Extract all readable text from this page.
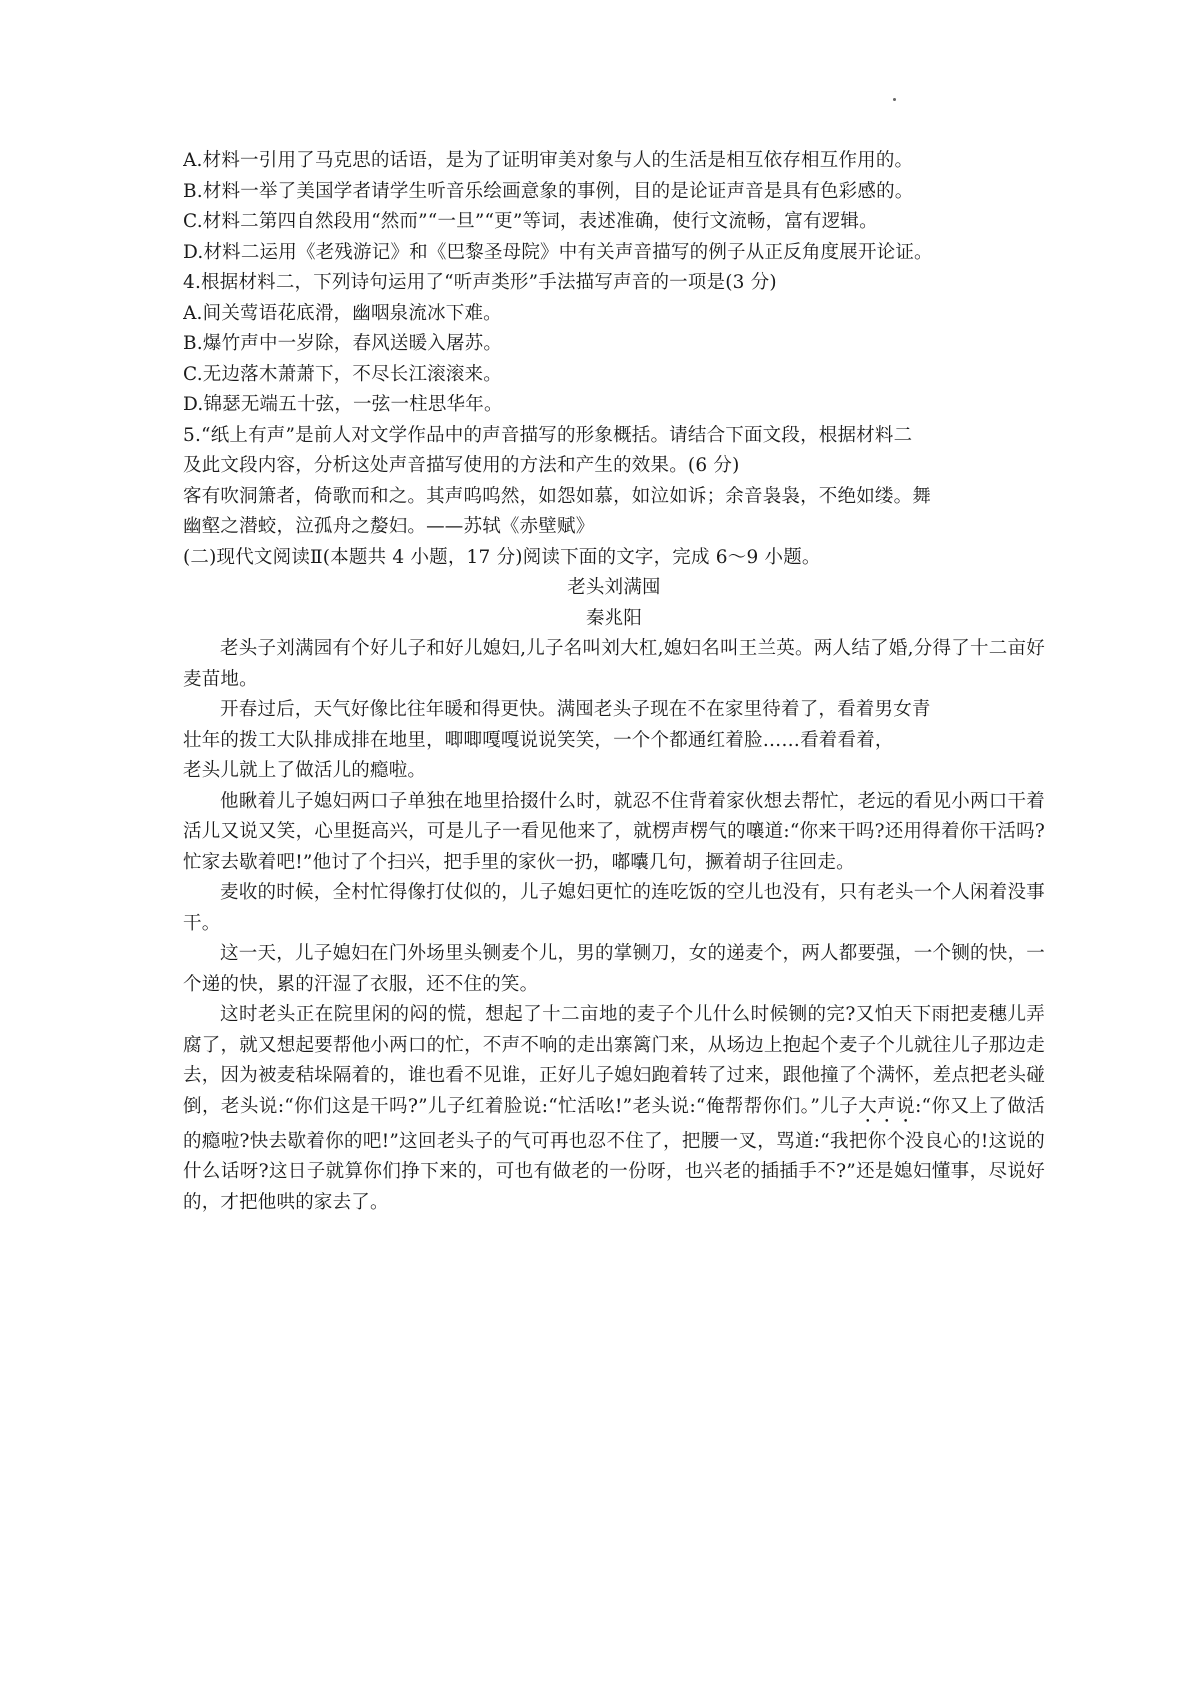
A.材料一引用了马克思的话语，是为了证明审美对象与人的生活是相互依存相互作用的。
B.材料一举了美国学者请学生听音乐绘画意象的事例，目的是论证声音是具有色彩感的。
C.材料二第四自然段用“然而”“一旦”“更”等词，表述准确，使行文流畅，富有逻辑。
D.材料二运用《老残游记》和《巴黎圣母院》中有关声音描写的例子从正反角度展开论证。
4.根据材料二，下列诗句运用了“听声类形”手法描写声音的一项是(3 分)
A.间关莺语花底滑，幽咽泉流冰下难。
B.爆竹声中一岁除，春风送暖入屠苏。
C.无边落木萧萧下，不尽长江滚滚来。
D.锦瑟无端五十弦，一弦一柱思华年。
5.“纸上有声”是前人对文学作品中的声音描写的形象概括。请结合下面文段，根据材料二
及此文段内容，分析这处声音描写使用的方法和产生的效果。(6 分)
客有吹洞箫者，倚歌而和之。其声呜呜然，如怨如慕，如泣如诉；余音袅袅，不绝如缕。舞
幽壑之潜蛟，泣孤舟之嫠妇。——苏轼《赤壁赋》
(二)现代文阅读Ⅱ(本题共 4 小题，17 分)阅读下面的文字，完成 6～9 小题。
老头刘满囤
秦兆阳
老头子刘满园有个好儿子和好儿媳妇,儿子名叫刘大杠,媳妇名叫王兰英。两人结了婚,分得了十二亩好麦苗地。
开春过后，天气好像比往年暖和得更快。满囤老头子现在不在家里待着了，看着男女青
壮年的拨工大队排成排在地里，唧唧嘎嘎说说笑笑，一个个都通红着脸……看着看着，
老头儿就上了做活儿的瘾啦。
他瞅着儿子媳妇两口子单独在地里拾掇什么时，就忍不住背着家伙想去帮忙，老远的看见小两口干着活儿又说又笑，心里挺高兴，可是儿子一看见他来了，就楞声楞气的嚷道:“你来干吗?还用得着你干活吗?忙家去歇着吧!”他讨了个扫兴，把手里的家伙一扔，嘟囔几句，撅着胡子往回走。
麦收的时候，全村忙得像打仗似的，儿子媳妇更忙的连吃饭的空儿也没有，只有老头一个人闲着没事干。
这一天，儿子媳妇在门外场里头铡麦个儿，男的掌铡刀，女的递麦个，两人都要强，一个铡的快，一个递的快，累的汗湿了衣服，还不住的笑。
这时老头正在院里闲的闷的慌，想起了十二亩地的麦子个儿什么时候铡的完?又怕天下雨把麦穗儿弄腐了，就又想起要帮他小两口的忙，不声不响的走出寨篱门来，从场边上抱起个麦子个儿就往儿子那边走去，因为被麦秸垛隔着的，谁也看不见谁，正好儿子媳妇跑着转了过来，跟他撞了个满怀，差点把老头碰倒，老头说:“你们这是干吗?”儿子红着脸说:“忙活吆!”老头说:“俺帮帮你们。”儿子大声说:“你又上了做活的瘾啦?快去歇着你的吧!”这回老头子的气可再也忍不住了，把腰一叉，骂道:“我把你个没良心的!这说的什么话呀?这日子就算你们挣下来的，可也有做老的一份呀，也兴老的插插手不?”还是媳妇懂事，尽说好的，才把他哄的家去了。
